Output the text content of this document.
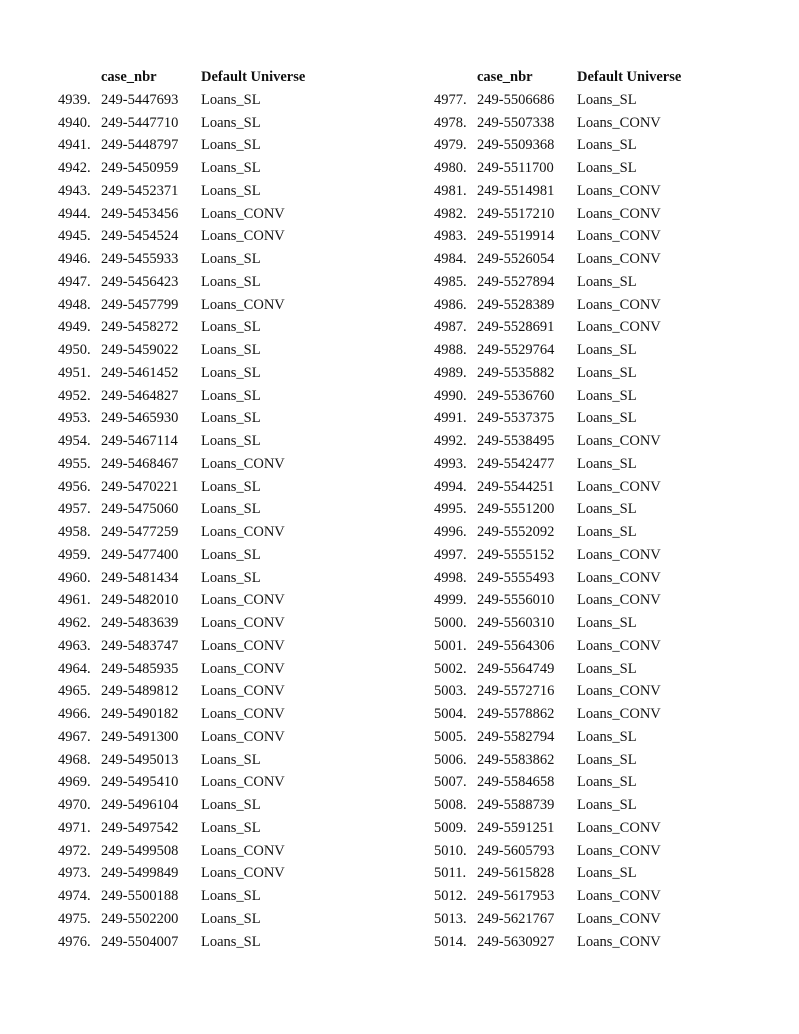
	case_nbr	Default Universe
4939.	249-5447693	Loans_SL
4940.	249-5447710	Loans_SL
4941.	249-5448797	Loans_SL
4942.	249-5450959	Loans_SL
4943.	249-5452371	Loans_SL
4944.	249-5453456	Loans_CONV
4945.	249-5454524	Loans_CONV
4946.	249-5455933	Loans_SL
4947.	249-5456423	Loans_SL
4948.	249-5457799	Loans_CONV
4949.	249-5458272	Loans_SL
4950.	249-5459022	Loans_SL
4951.	249-5461452	Loans_SL
4952.	249-5464827	Loans_SL
4953.	249-5465930	Loans_SL
4954.	249-5467114	Loans_SL
4955.	249-5468467	Loans_CONV
4956.	249-5470221	Loans_SL
4957.	249-5475060	Loans_SL
4958.	249-5477259	Loans_CONV
4959.	249-5477400	Loans_SL
4960.	249-5481434	Loans_SL
4961.	249-5482010	Loans_CONV
4962.	249-5483639	Loans_CONV
4963.	249-5483747	Loans_CONV
4964.	249-5485935	Loans_CONV
4965.	249-5489812	Loans_CONV
4966.	249-5490182	Loans_CONV
4967.	249-5491300	Loans_CONV
4968.	249-5495013	Loans_SL
4969.	249-5495410	Loans_CONV
4970.	249-5496104	Loans_SL
4971.	249-5497542	Loans_SL
4972.	249-5499508	Loans_CONV
4973.	249-5499849	Loans_CONV
4974.	249-5500188	Loans_SL
4975.	249-5502200	Loans_SL
4976.	249-5504007	Loans_SL
	case_nbr	Default Universe
4977.	249-5506686	Loans_SL
4978.	249-5507338	Loans_CONV
4979.	249-5509368	Loans_SL
4980.	249-5511700	Loans_SL
4981.	249-5514981	Loans_CONV
4982.	249-5517210	Loans_CONV
4983.	249-5519914	Loans_CONV
4984.	249-5526054	Loans_CONV
4985.	249-5527894	Loans_SL
4986.	249-5528389	Loans_CONV
4987.	249-5528691	Loans_CONV
4988.	249-5529764	Loans_SL
4989.	249-5535882	Loans_SL
4990.	249-5536760	Loans_SL
4991.	249-5537375	Loans_SL
4992.	249-5538495	Loans_CONV
4993.	249-5542477	Loans_SL
4994.	249-5544251	Loans_CONV
4995.	249-5551200	Loans_SL
4996.	249-5552092	Loans_SL
4997.	249-5555152	Loans_CONV
4998.	249-5555493	Loans_CONV
4999.	249-5556010	Loans_CONV
5000.	249-5560310	Loans_SL
5001.	249-5564306	Loans_CONV
5002.	249-5564749	Loans_SL
5003.	249-5572716	Loans_CONV
5004.	249-5578862	Loans_CONV
5005.	249-5582794	Loans_SL
5006.	249-5583862	Loans_SL
5007.	249-5584658	Loans_SL
5008.	249-5588739	Loans_SL
5009.	249-5591251	Loans_CONV
5010.	249-5605793	Loans_CONV
5011.	249-5615828	Loans_SL
5012.	249-5617953	Loans_CONV
5013.	249-5621767	Loans_CONV
5014.	249-5630927	Loans_CONV
